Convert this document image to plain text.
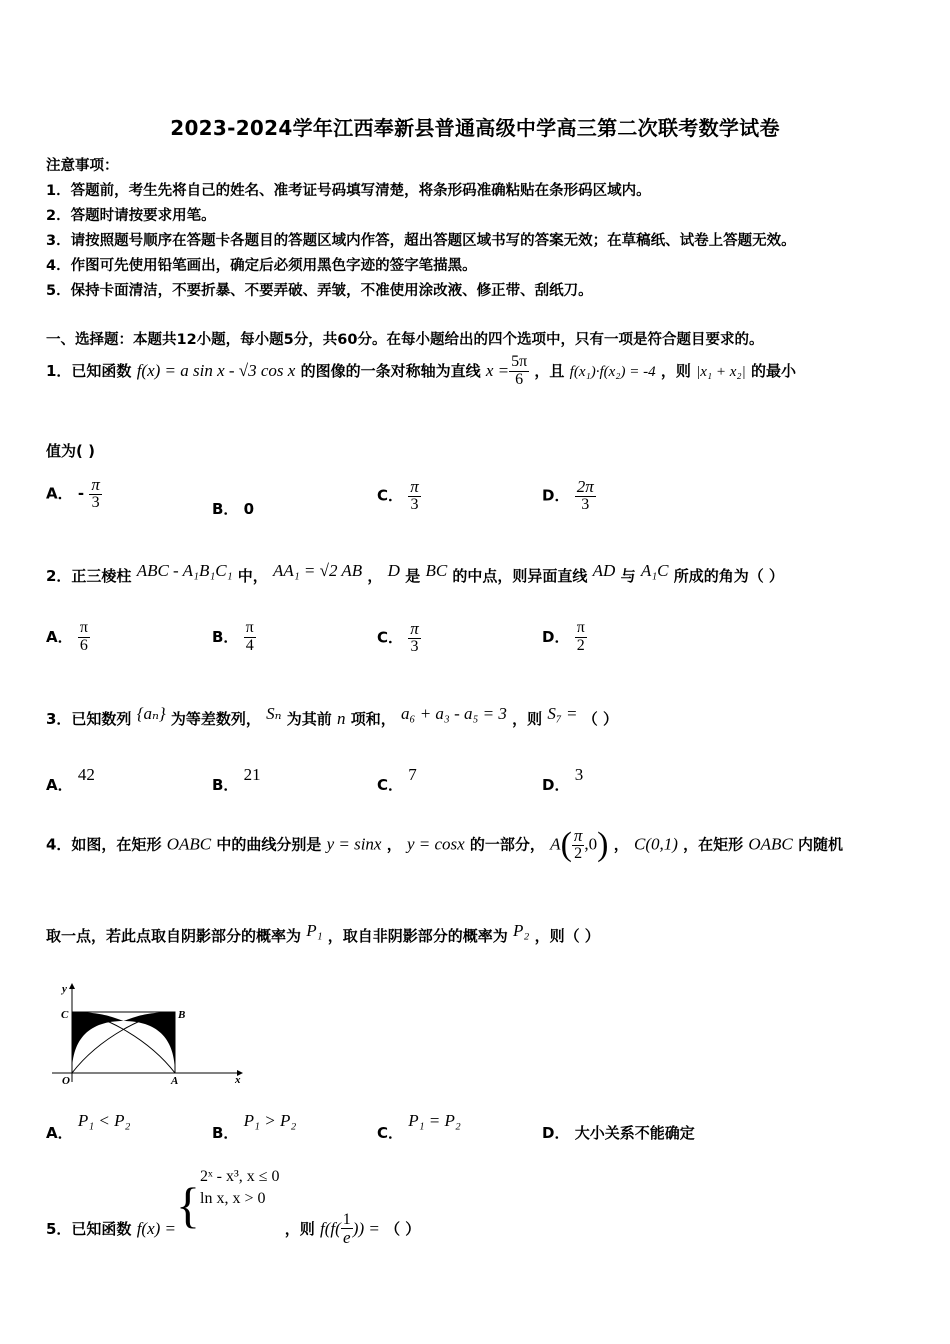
2023-2024学年江西奉新县普通高级中学高三第二次联考数学试卷
注意事项：
1．答题前，考生先将自己的姓名、准考证号码填写清楚，将条形码准确粘贴在条形码区域内。
2．答题时请按要求用笔。
3．请按照题号顺序在答题卡各题目的答题区域内作答，超出答题区域书写的答案无效；在草稿纸、试卷上答题无效。
4．作图可先使用铅笔画出，确定后必须用黑色字迹的签字笔描黑。
5．保持卡面清洁，不要折暴、不要弄破、弄皱，不准使用涂改液、修正带、刮纸刀。
一、选择题：本题共12小题，每小题5分，共60分。在每小题给出的四个选项中，只有一项是符合题目要求的。
1．已知函数 f(x) = a sin x - √3 cos x 的图像的一条对称轴为直线 $x = \frac{5\pi}{6}$ ，且 f(x₁)·f(x₂) = -4 ，则 |x₁ + x₂| 的最小
值为( )
A． - $\frac{\pi}{3}$	B． 0
C． $\frac{\pi}{3}$	D． $\frac{2\pi}{3}$
2．正三棱柱 ABC - A₁B₁C₁ 中， AA₁ = √2 AB ， D 是 BC 的中点，则异面直线 AD 与 A₁C 所成的角为（ ）
A． $\frac{\pi}{6}$	B． $\frac{\pi}{4}$	C． $\frac{\pi}{3}$	D． $\frac{\pi}{2}$
3．已知数列 {aₙ} 为等差数列， Sₙ 为其前 n 项和， a₆ + a₃ - a₅ = 3 ，则 S₇ = （ ）
A． 42
B． 21
C． 7
D． 3
4．如图，在矩形 OABC 中的曲线分别是 y = sinx ， y = cosx 的一部分， $A( \frac{\pi}{2} ,0)$ ， C(0,1) ，在矩形 OABC 内随机
取一点，若此点取自阴影部分的概率为 P₁ ，取自非阴影部分的概率为 P₂ ，则（ ）
y
C	B
O	A	x
A． P₁ < P₂
B． P₁ > P₂
C． P₁ = P₂
D． 大小关系不能确定
5．已知函数 f(x) ={
2ˣ - x³, x ≤ 0
ln x, x > 0
，则 $f(f( \frac{1}{e}$ )) = （ ）
